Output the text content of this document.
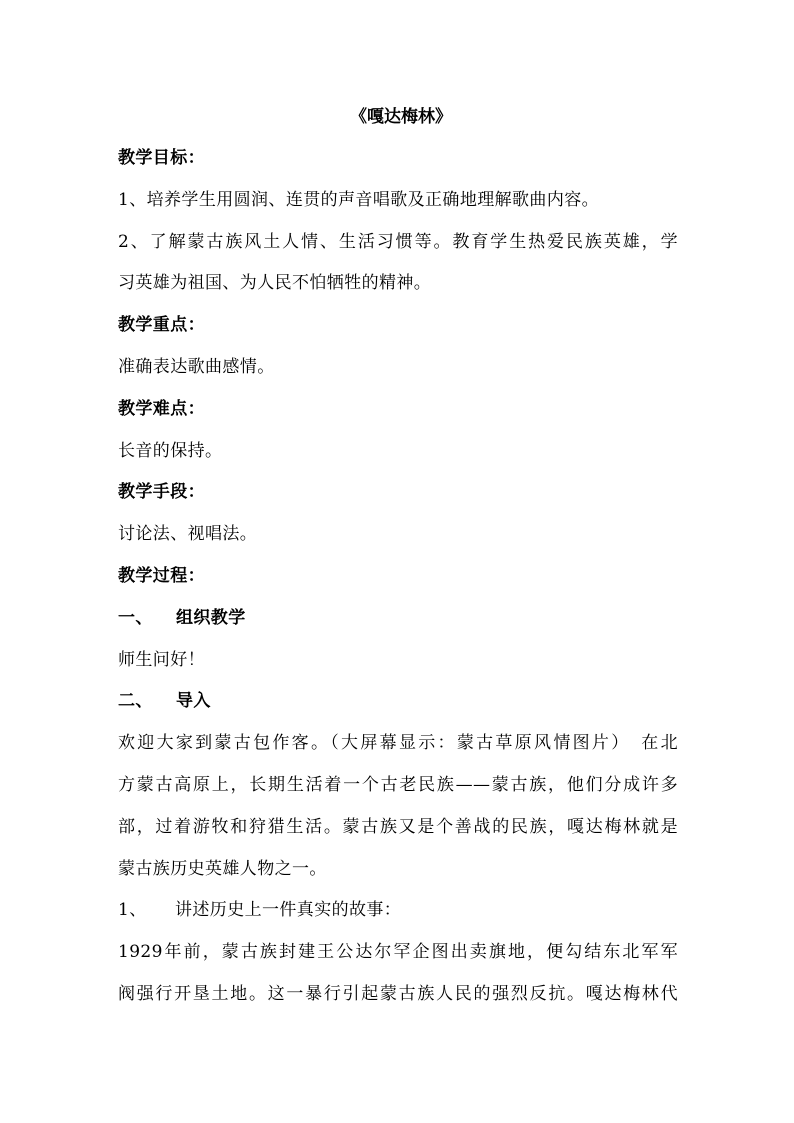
《嘎达梅林》

教学目标：

1、培养学生用圆润、连贯的声音唱歌及正确地理解歌曲内容。

2、了解蒙古族风土人情、生活习惯等。教育学生热爱民族英雄，学

习英雄为祖国、为人民不怕牺牲的精神。

教学重点：

准确表达歌曲感情。

教学难点：

长音的保持。

教学手段：

讨论法、视唱法。

教学过程：

一、 组织教学

师生问好！

二、 导入

欢迎大家到蒙古包作客。（大屏幕显示：蒙古草原风情图片）　在北

方蒙古高原上，长期生活着一个古老民族——蒙古族，他们分成许多

部，过着游牧和狩猎生活。蒙古族又是个善战的民族，嘎达梅林就是

蒙古族历史英雄人物之一。

1、 讲述历史上一件真实的故事：

1929年前，蒙古族封建王公达尔罕企图出卖旗地，便勾结东北军军

阀强行开垦土地。这一暴行引起蒙古族人民的强烈反抗。嘎达梅林代
